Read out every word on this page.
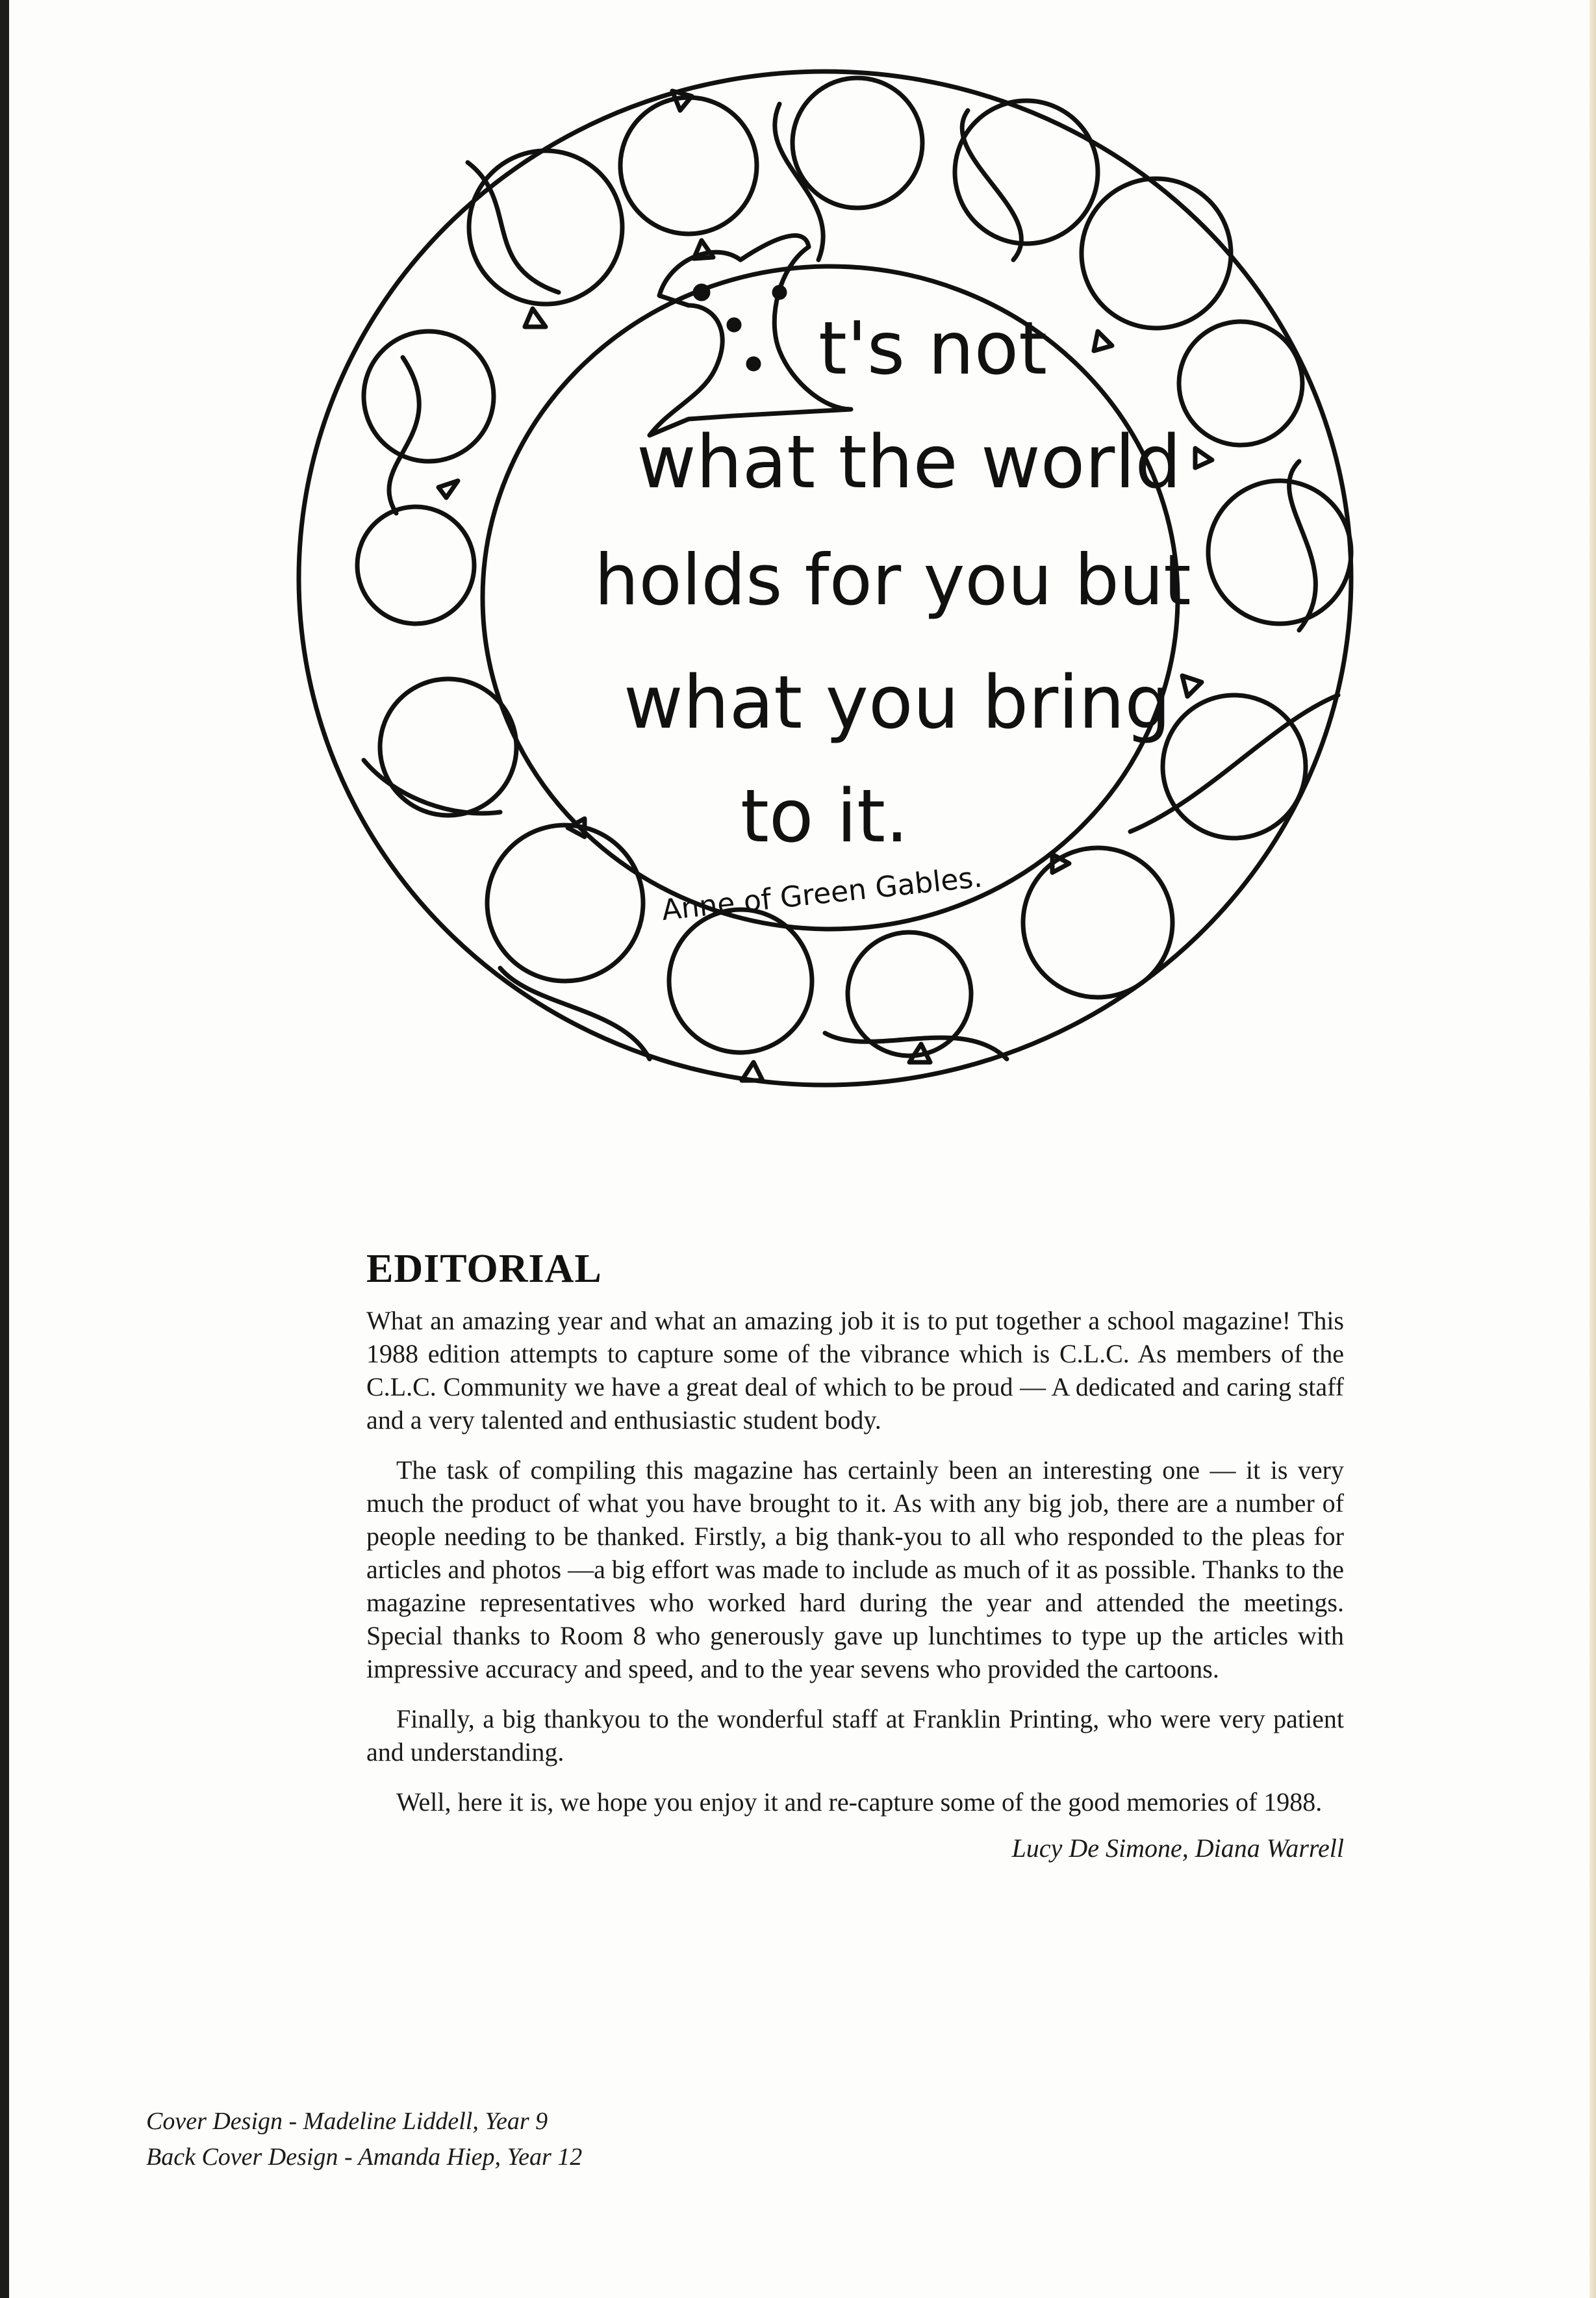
t's not
what the world
holds for you but
what you bring
to it.
Anne of Green Gables.
EDITORIAL

What an amazing year and what an amazing job it is to put together a school magazine! This 1988 edition attempts to capture some of the vibrance which is C.L.C. As members of the C.L.C. Community we have a great deal of which to be proud — A dedicated and caring staff and a very talented and enthusiastic student body.

The task of compiling this magazine has certainly been an interesting one — it is very much the product of what you have brought to it. As with any big job, there are a number of people needing to be thanked. Firstly, a big thank-you to all who responded to the pleas for articles and photos —a big effort was made to include as much of it as possible. Thanks to the magazine representatives who worked hard during the year and attended the meetings. Special thanks to Room 8 who generously gave up lunchtimes to type up the articles with impressive accuracy and speed, and to the year sevens who provided the cartoons.

Finally, a big thankyou to the wonderful staff at Franklin Printing, who were very patient and understanding.

Well, here it is, we hope you enjoy it and re-capture some of the good memories of 1988.

Lucy De Simone, Diana Warrell
Cover Design - Madeline Liddell, Year 9
Back Cover Design - Amanda Hiep, Year 12
